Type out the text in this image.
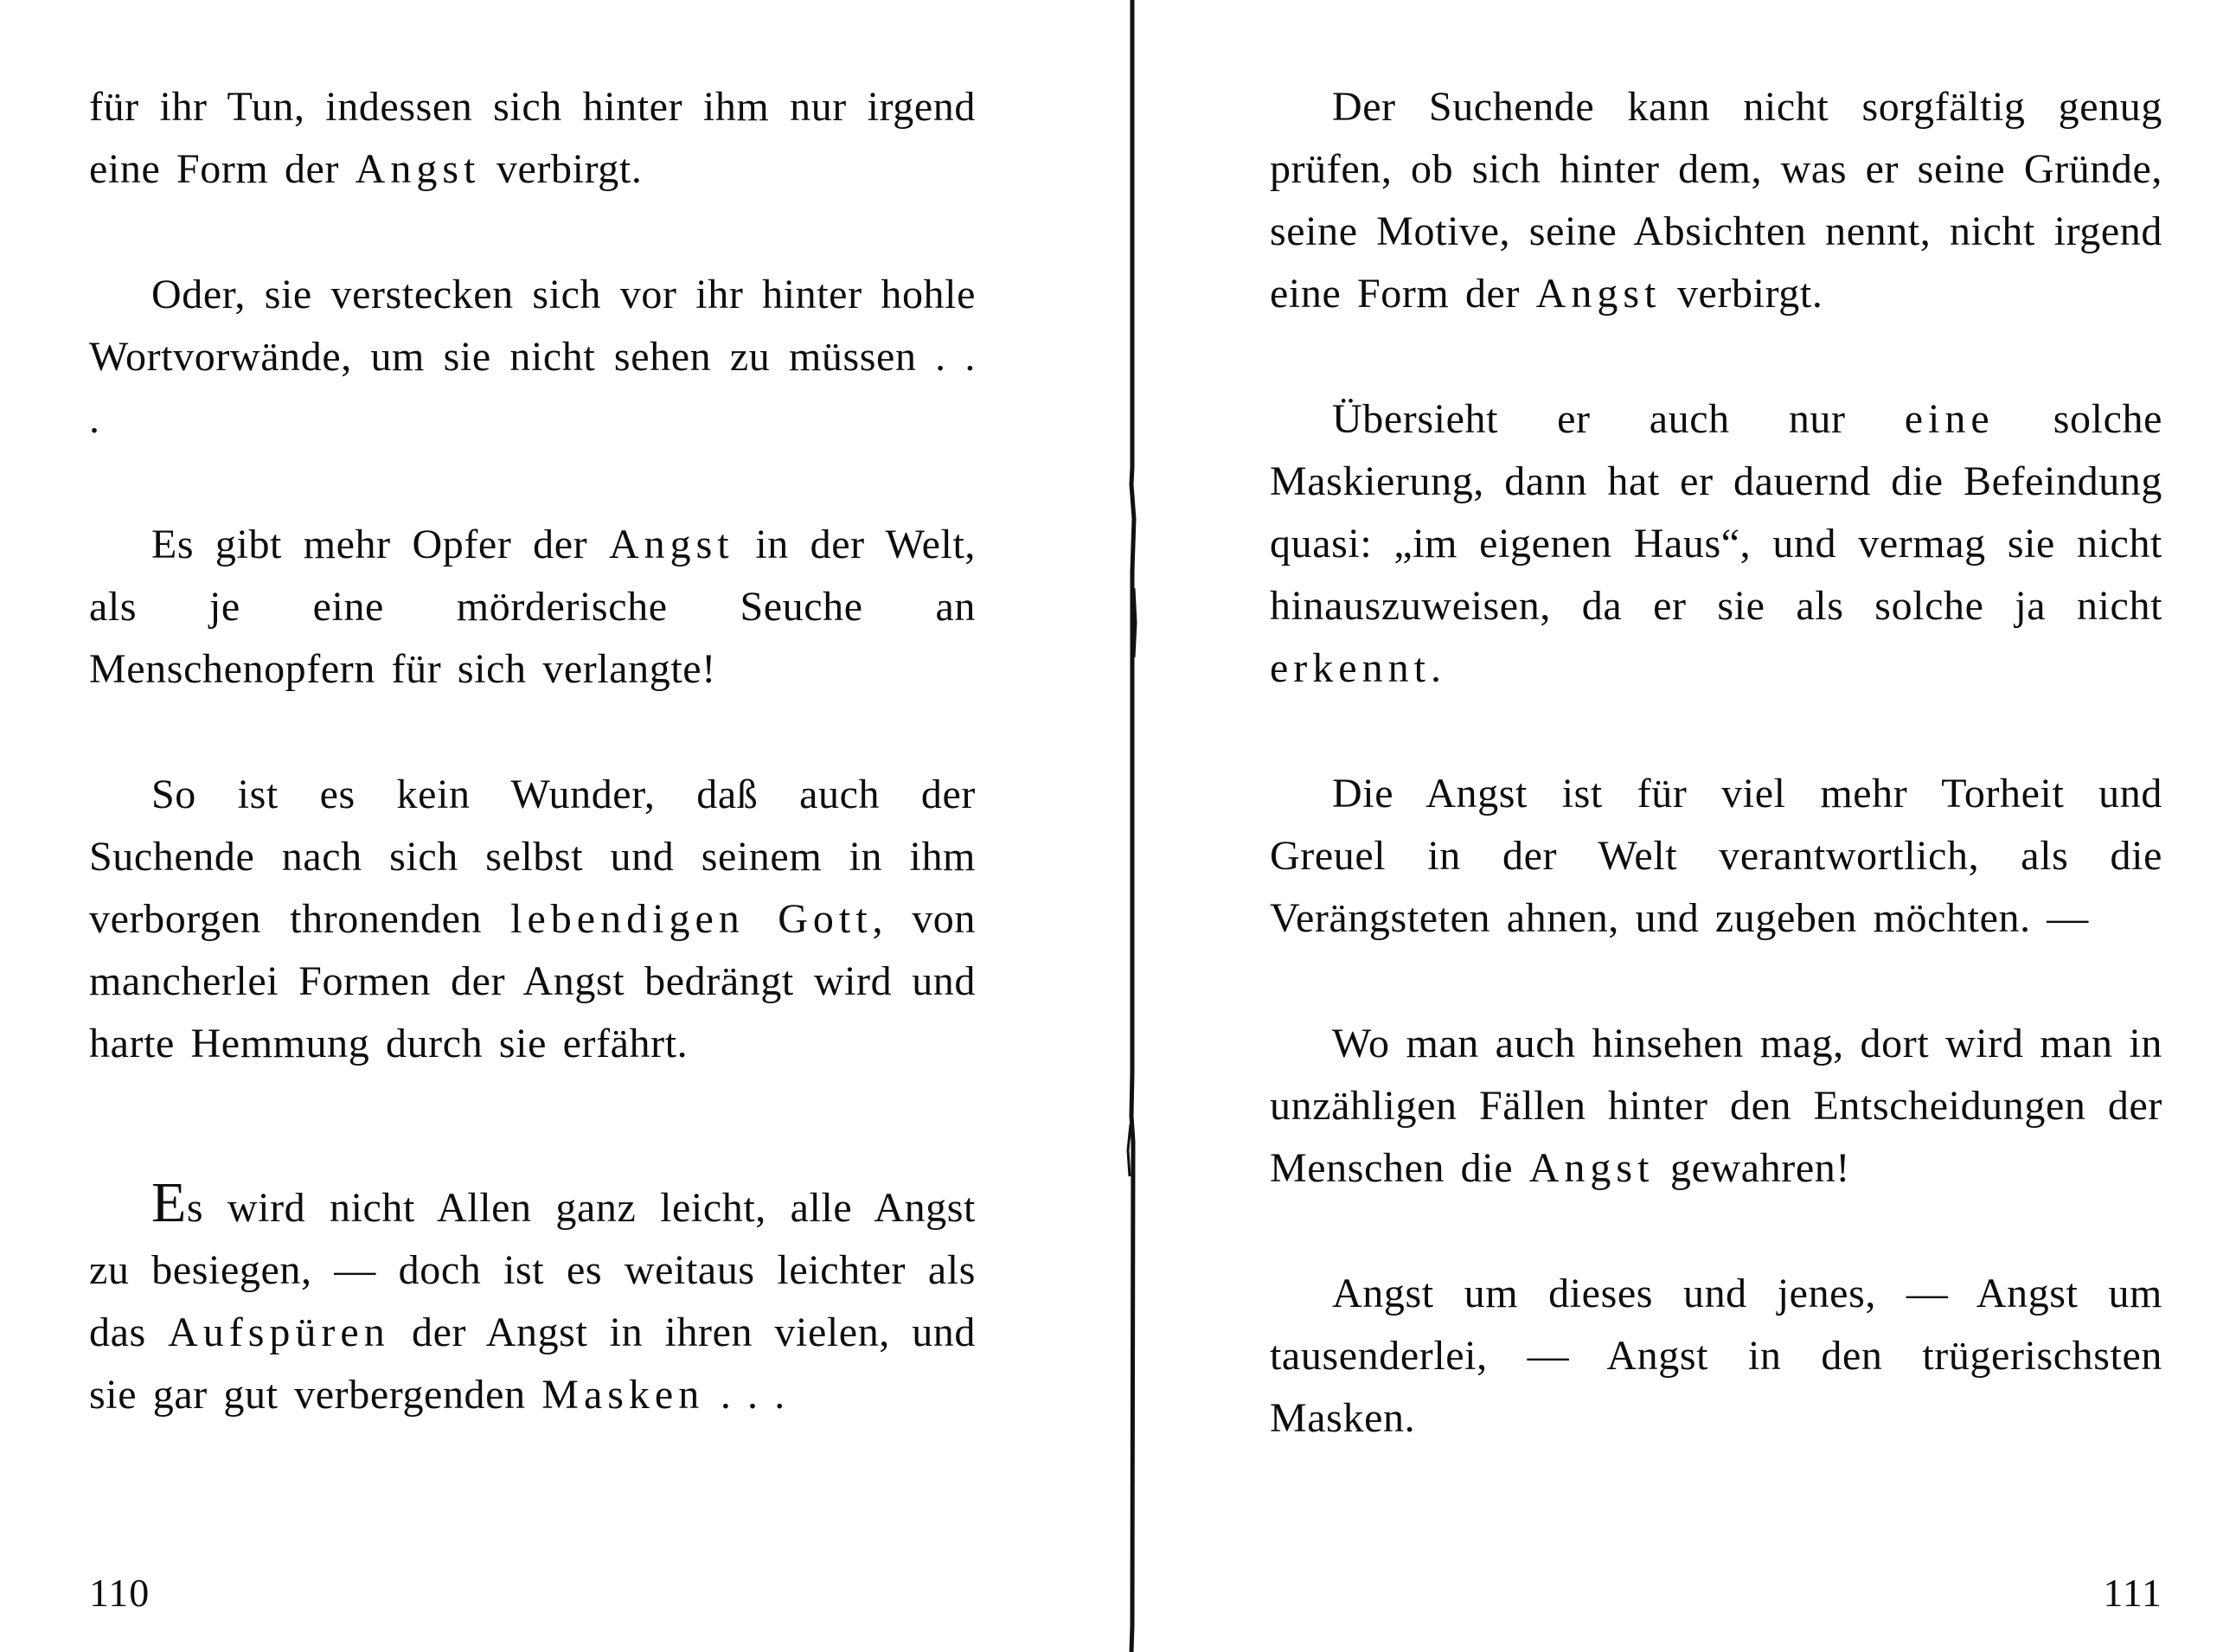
für ihr Tun, indessen sich hinter ihm nur irgend eine Form der Angst verbirgt.

Oder, sie verstecken sich vor ihr hinter hohle Wortvorwände, um sie nicht sehen zu müssen . . .

Es gibt mehr Opfer der Angst in der Welt, als je eine mörderische Seuche an Menschenopfern für sich verlangte!

So ist es kein Wunder, daß auch der Suchende nach sich selbst und seinem in ihm verborgen thronenden lebendigen Gott, von mancherlei Formen der Angst bedrängt wird und harte Hemmung durch sie erfährt.

Es wird nicht Allen ganz leicht, alle Angst zu besiegen, — doch ist es weitaus leichter als das Aufspüren der Angst in ihren vielen, und sie gar gut verbergenden Masken . . .

110

Der Suchende kann nicht sorgfältig genug prüfen, ob sich hinter dem, was er seine Gründe, seine Motive, seine Absichten nennt, nicht irgend eine Form der Angst verbirgt.

Übersieht er auch nur eine solche Maskierung, dann hat er dauernd die Befeindung quasi: „im eigenen Haus“, und vermag sie nicht hinauszuweisen, da er sie als solche ja nicht erkennt.

Die Angst ist für viel mehr Torheit und Greuel in der Welt verantwortlich, als die Verängsteten ahnen, und zugeben möchten. —

Wo man auch hinsehen mag, dort wird man in unzähligen Fällen hinter den Entscheidungen der Menschen die Angst gewahren!

Angst um dieses und jenes, — Angst um tausenderlei, — Angst in den trügerischsten Masken.

111
